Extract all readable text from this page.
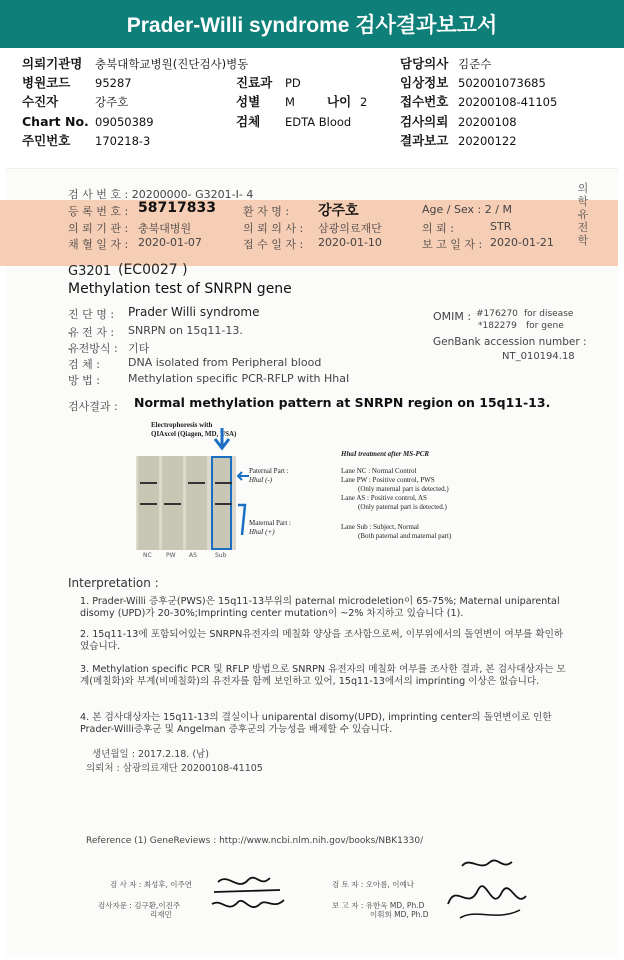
Prader-Willi syndrome 검사결과보고서
의뢰기관명 충북대학교병원(진단검사)병동	담당의사 김준수
병원코드 95287	진료과 PD	임상정보 502001073685
수진자	강주호	성별 M	나이 2	접수번호 20200108-41105
Chart No. 09050389	검체 EDTA Blood	검사의뢰 20200108
주민번호 170218-3	결과보고 20200122
검 사 번 호 : 20200000- G3201-I- 4
등 록 번 호 : 58717833 환 자 명 : 강주호	Age / Sex : 2 / M
의 뢰 기 관 : 충북대병원	의 뢰 의 사 : 삼광의료재단	의 뢰 :	STR
채 혈 일 자 : 2020-01-07	접 수 일 자 : 2020-01-10	보 고 일 자 : 2020-01-21
의학유전학
G3201 (EC0027 )
Methylation test of SNRPN gene
진 단 명 : Prader Willi syndrome
유 전 자 : SNRPN on 15q11-13.
유전방식 : 기타
검 체 :	DNA isolated from Peripheral blood
방 법 :	Methylation specific PCR-RFLP with HhaI
OMIM : #176270 for disease
*182279 for gene
GenBank accession number :
NT_010194.18
검사결과 : Normal methylation pattern at SNRPN region on 15q11-13.
Electrophoresis with
QIAxcel (Qiagen, MD, USA)
NC PW AS	Sub
Paternal Part :
HhaI (-)
Maternal Part :
HhaI (+)
HhaI treatment after MS-PCR
Lane NC : Normal Control
Lane PW : Positive control, PWS
(Only maternal part is detected.)
Lane AS : Positive control, AS
(Only paternal part is detected.)
Lane Sub : Subject, Normal
(Both paternal and maternal part)
Interpretation :
1. Prader-Willi 증후군(PWS)은 15q11-13부위의 paternal microdeletion이 65-75%; Maternal uniparental disomy (UPD)가 20-30%;Imprinting center mutation이 ~2% 차지하고 있습니다 (1).
2. 15q11-13에 포함되어있는 SNRPN유전자의 메칠화 양상을 조사함으로써, 이부위에서의 돌연변이 여부를 확인하였습니다.
3. Methylation specific PCR 및 RFLP 방법으로 SNRPN 유전자의 메칠화 여부를 조사한 결과, 본 검사대상자는 모계(메칠화)와 부계(비메칠화)의 유전자를 함께 보인하고 있어, 15q11-13에서의 imprinting 이상은 없습니다.
4. 본 검사대상자는 15q11-13의 결실이나 uniparental disomy(UPD), imprinting center의 돌연변이로 인한 Prader-Willi증후군 및 Angelman 증후군의 가능성을 배제할 수 있습니다.
생년월일 : 2017.2.18. (남)
의뢰처 : 삼광의료재단 20200108-41105
Reference (1) GeneReviews : http://www.ncbi.nlm.nih.gov/books/NBK1330/
검 사 자 : 최성후, 이주연	검 토 자 : 오아름, 이예나
검사자문 : 김구환,이진주
리재민
보 고 자 : 유한욱 MD, Ph.D
이휘희 MD, Ph.D
